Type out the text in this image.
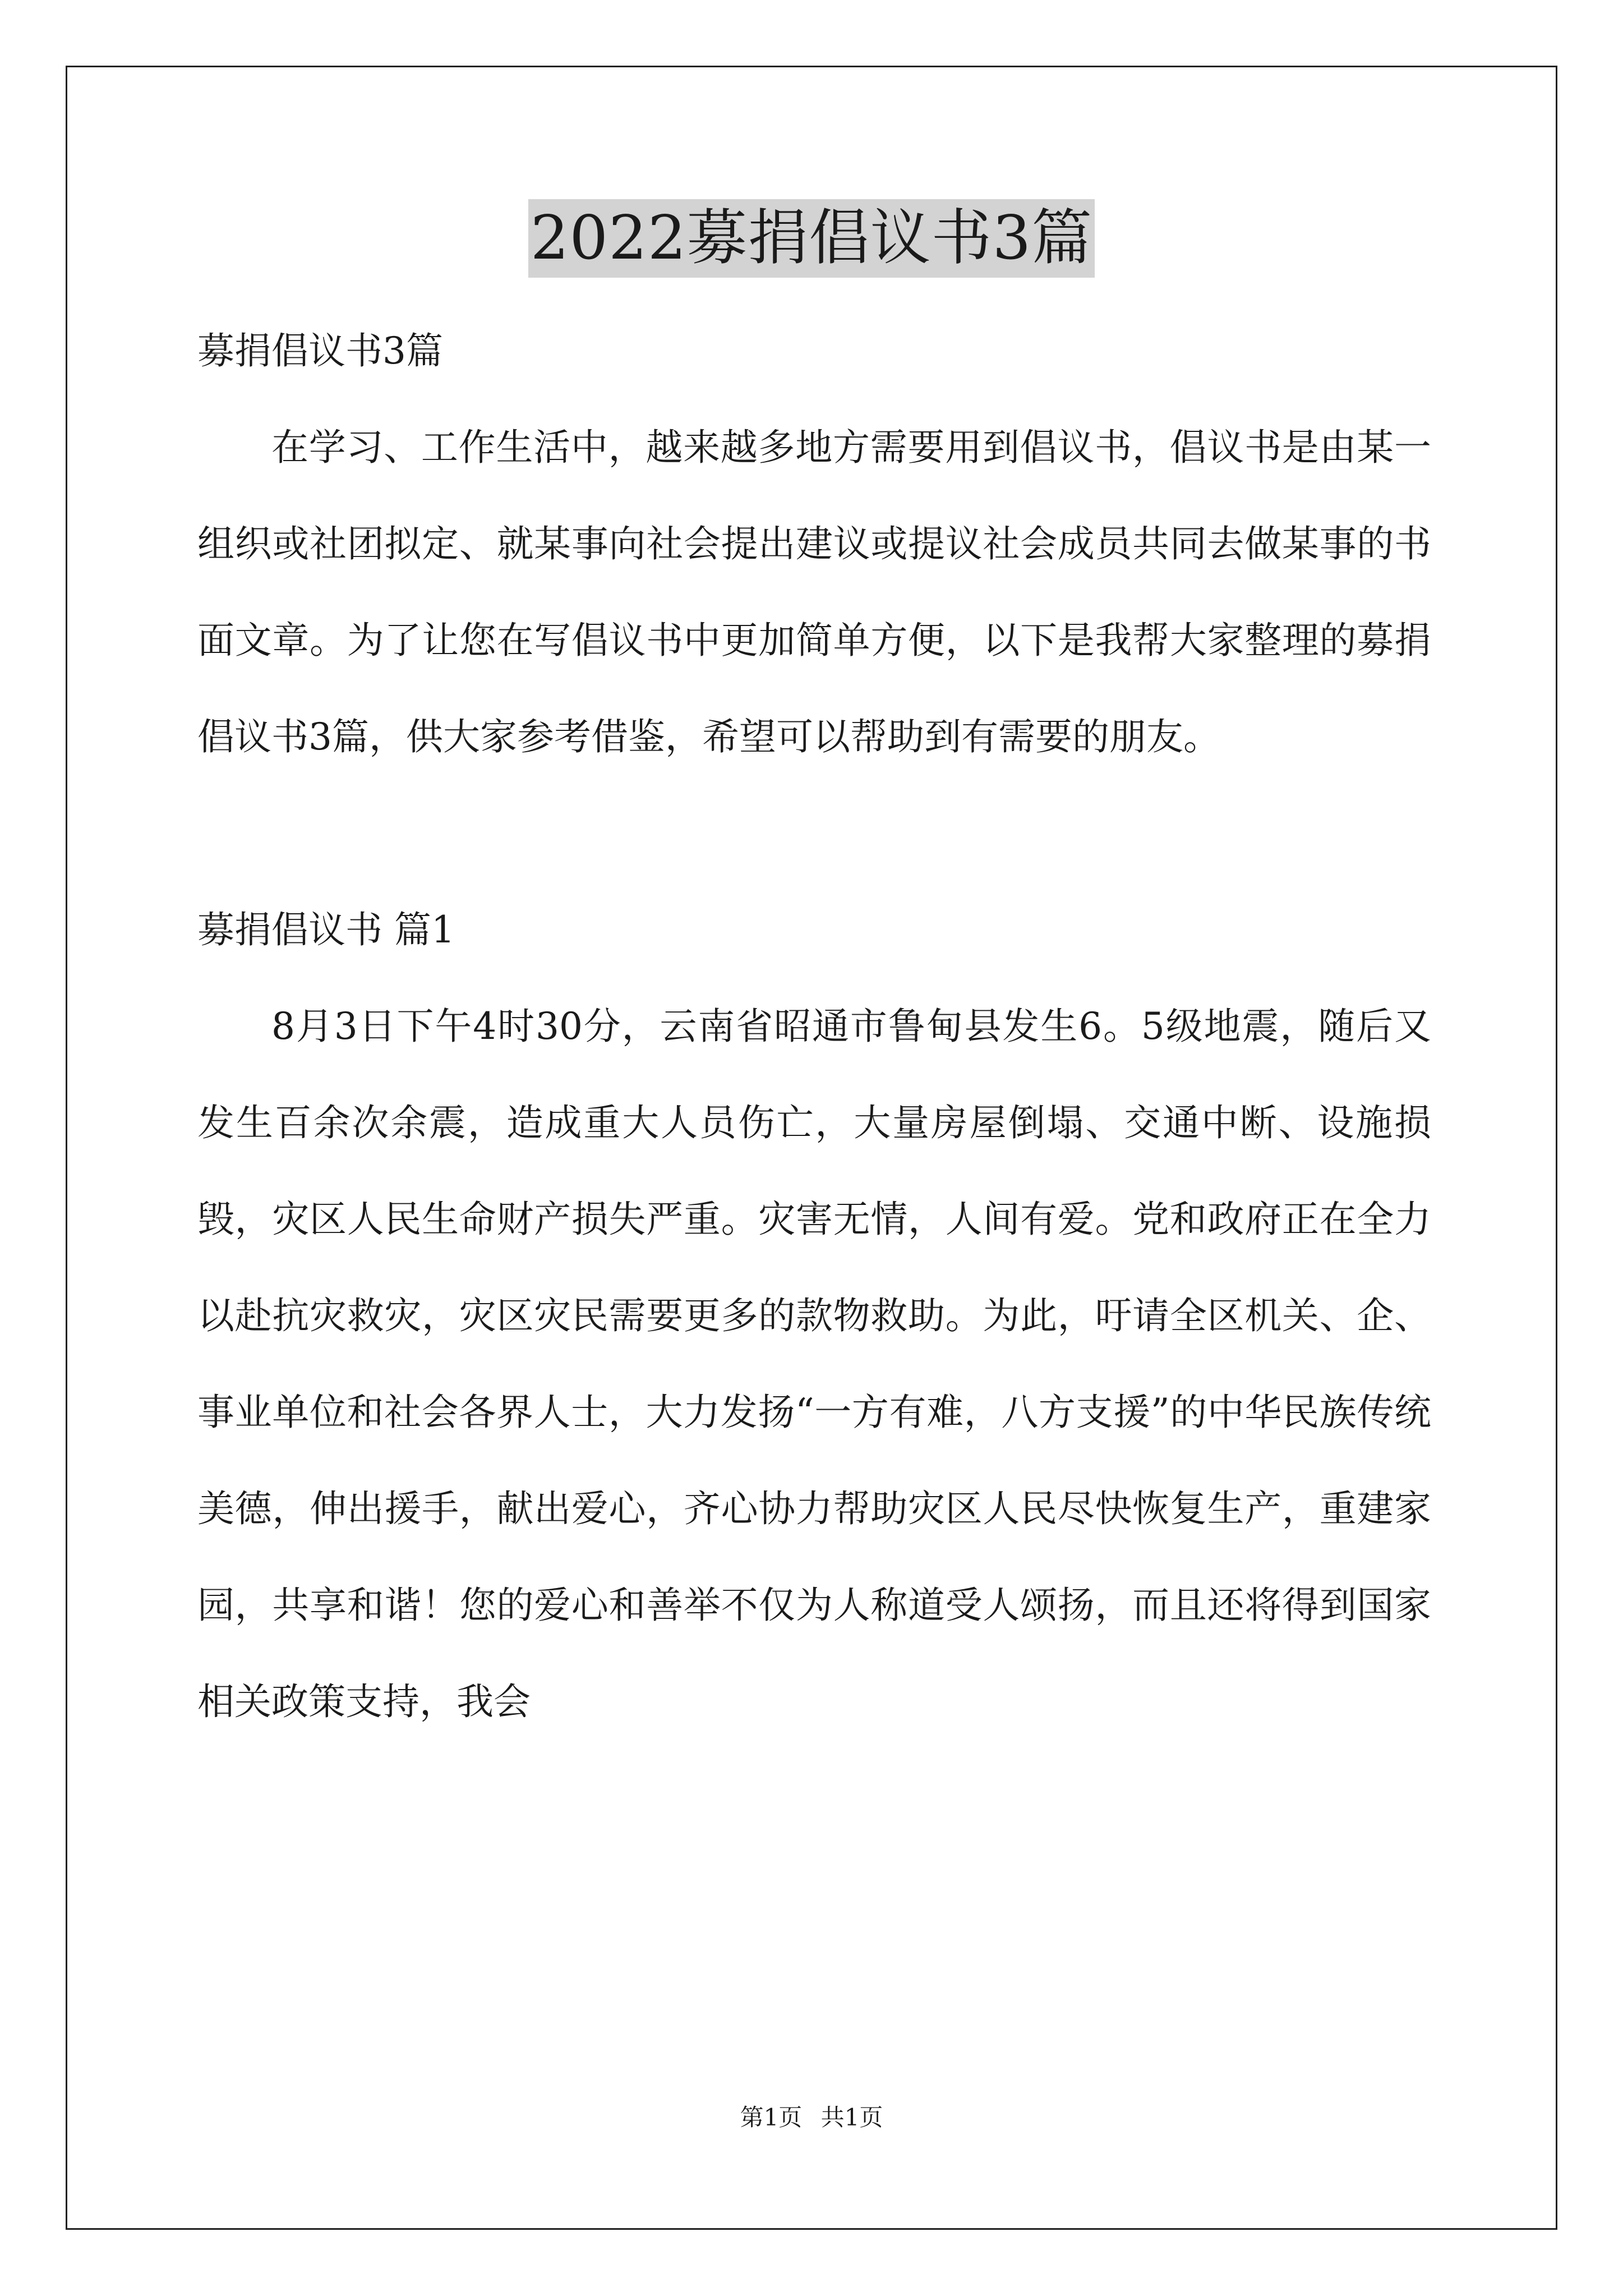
2022募捐倡议书3篇

募捐倡议书3篇

在学习、工作生活中，越来越多地方需要用到倡议书，倡议书是由某一组织或社团拟定、就某事向社会提出建议或提议社会成员共同去做某事的书面文章。为了让您在写倡议书中更加简单方便，以下是我帮大家整理的募捐倡议书3篇，供大家参考借鉴，希望可以帮助到有需要的朋友。

募捐倡议书 篇1

8月3日下午4时30分，云南省昭通市鲁甸县发生6。5级地震，随后又发生百余次余震，造成重大人员伤亡，大量房屋倒塌、交通中断、设施损毁，灾区人民生命财产损失严重。灾害无情，人间有爱。党和政府正在全力以赴抗灾救灾，灾区灾民需要更多的款物救助。为此，吁请全区机关、企、事业单位和社会各界人士，大力发扬“一方有难，八方支援”的中华民族传统美德，伸出援手，献出爱心，齐心协力帮助灾区人民尽快恢复生产，重建家园，共享和谐！您的爱心和善举不仅为人称道受人颂扬，而且还将得到国家相关政策支持，我会

第1页 共1页
